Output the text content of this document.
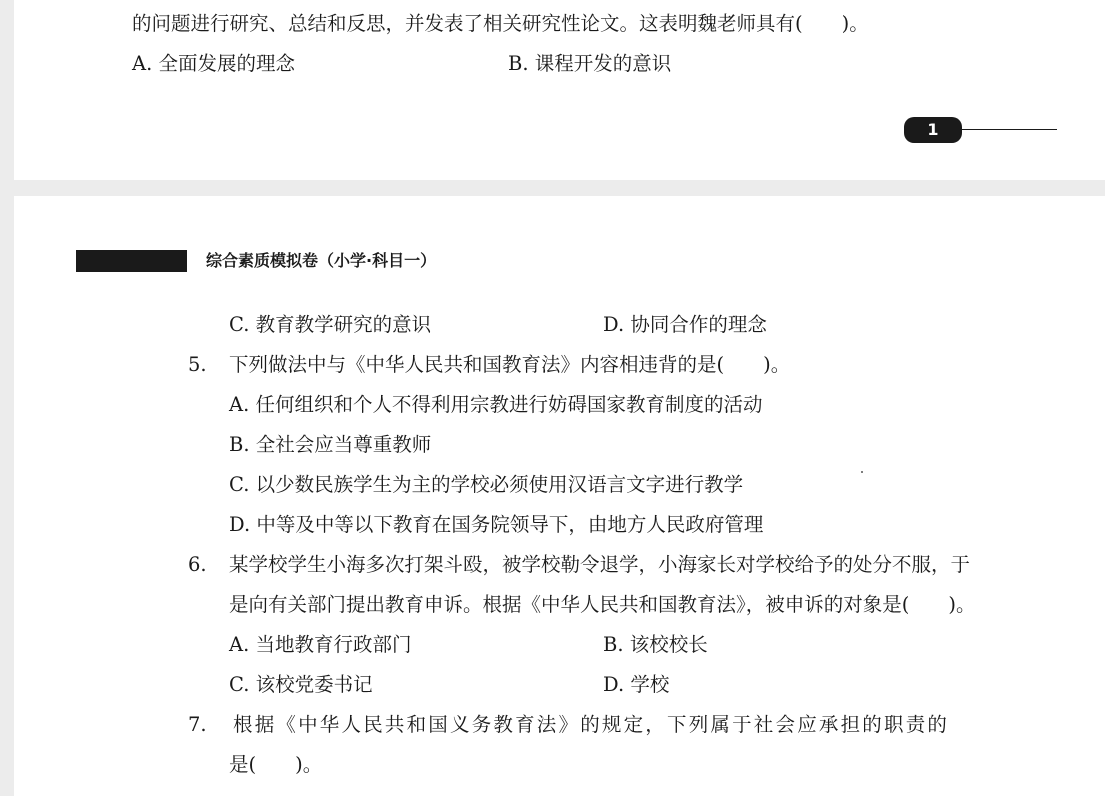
的问题进行研究、总结和反思，并发表了相关研究性论文。这表明魏老师具有(　　)。
A. 全面发展的理念	B. 课程开发的意识
1
综合素质模拟卷（小学·科目一）
C. 教育教学研究的意识	D. 协同合作的理念
5. 下列做法中与《中华人民共和国教育法》内容相违背的是(　　)。
A. 任何组织和个人不得利用宗教进行妨碍国家教育制度的活动
B. 全社会应当尊重教师
C. 以少数民族学生为主的学校必须使用汉语言文字进行教学
D. 中等及中等以下教育在国务院领导下，由地方人民政府管理
6. 某学校学生小海多次打架斗殴，被学校勒令退学，小海家长对学校给予的处分不服，于
是向有关部门提出教育申诉。根据《中华人民共和国教育法》，被申诉的对象是(　　)。
A. 当地教育行政部门	B. 该校校长
C. 该校党委书记	D. 学校
7. 根据《中华人民共和国义务教育法》的规定，下列属于社会应承担的职责的
是(　　)。
